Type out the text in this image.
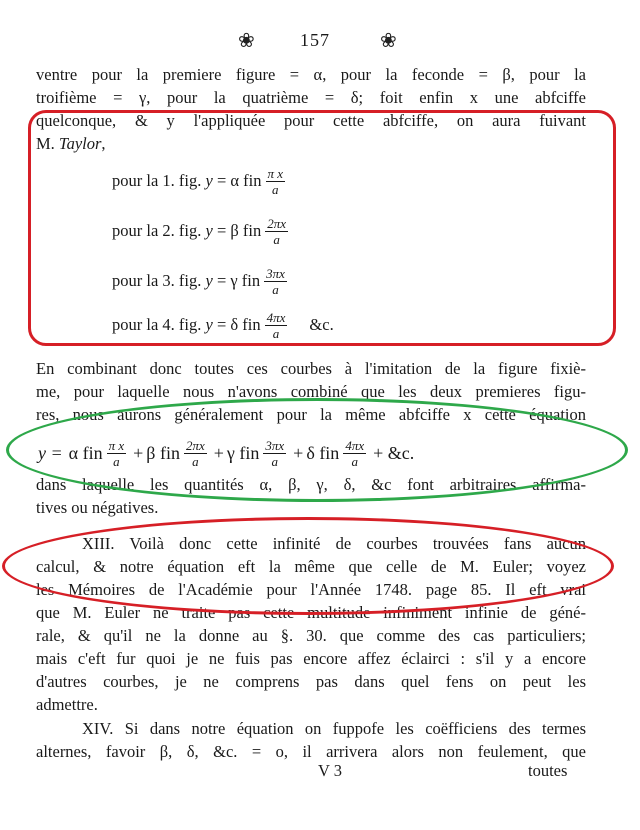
❀	157	❀
ventre pour la premiere figure = α, pour la feconde = β, pour la
troifième = γ, pour la quatrième = δ; foit enfin x une abfciffe
quelconque, & y l'appliquée pour cette abfciffe, on aura fuivant
M. Taylor,
pour la 1. fig.
y
=
α
fin $\frac{\text{π x}}{a}$
pour la 2. fig.
y
=
β
fin $\frac{2\pi x}{a}$
pour la 3. fig.
y
=
γ
fin $\frac{3\pi x}{a}$
pour la 4. fig.
y
=
δ
fin $\frac{4\pi x}{a}$ &c.
En combinant donc toutes ces courbes à l'imitation de la figure fixiè-
me, pour laquelle nous n'avons combiné que les deux premieres figu-
res, nous aurons généralement pour la même abfciffe x cette équation
y = α
fin $\frac{\text{π x}}{a} + \beta$
fin $\frac{2\pi x}{a} + \gamma$
fin $\frac{3\pi x}{a} + \delta$
fin $\frac{4\pi x}{a}$ + &c.
dans laquelle les quantités α, β, γ, δ, &c font arbitraires affirma-
tives ou négatives.
XIII. Voilà donc cette infinité de courbes trouvées fans aucun
calcul, & notre équation eft la même que celle de M. Euler; voyez
les Mémoires de l'Académie pour l'Année 1748. page 85. Il eft vrai
que M. Euler ne traite pas cette multitude infiniment infinie de géné-
rale, & qu'il ne la donne au §. 30. que comme des cas particuliers;
mais c'eft fur quoi je ne fuis pas encore affez éclairci : s'il y a encore
d'autres courbes, je ne comprens pas dans quel fens on peut les
admettre.
XIV. Si dans notre équation on fuppofe les coëfficiens des termes
alternes, favoir β, δ, &c. = o, il arrivera alors non feulement, que
V 3	toutes
